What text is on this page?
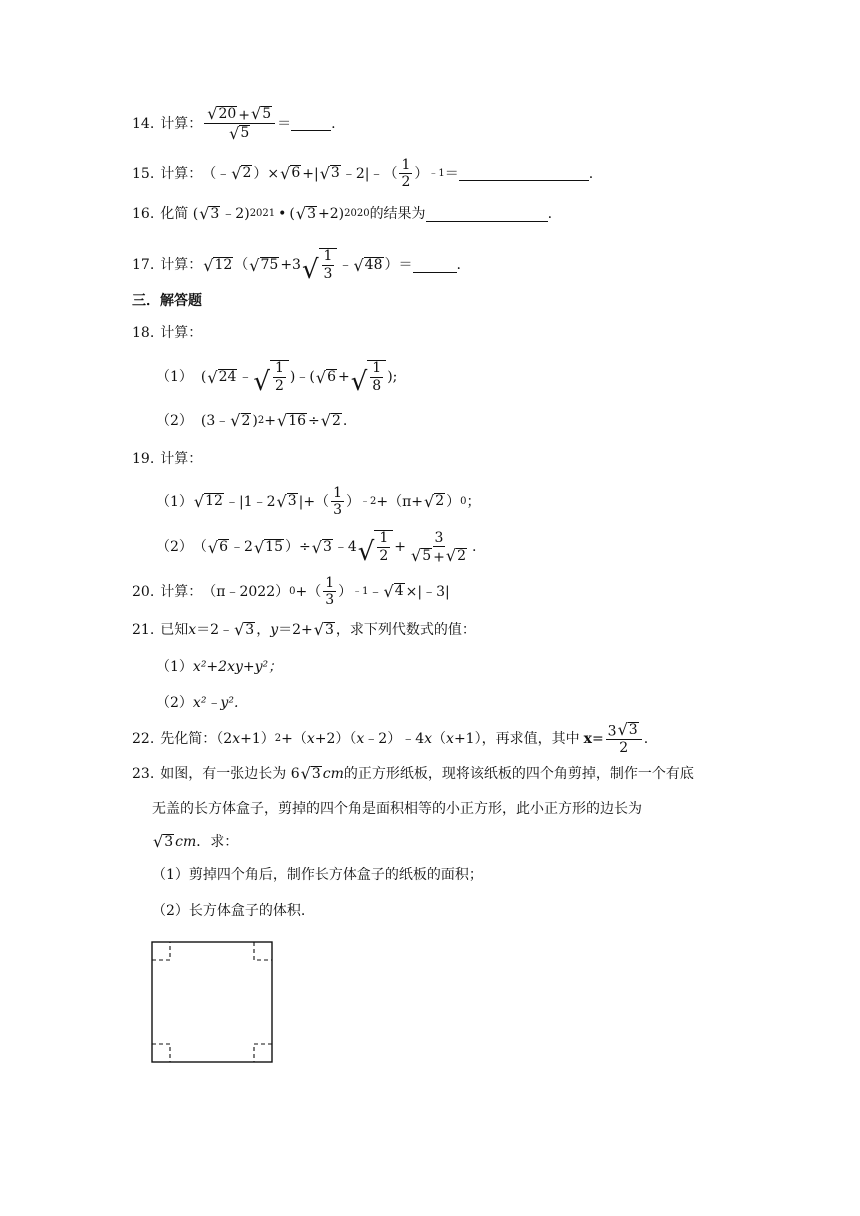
14. 计算： $\frac{√ 20 + √ 5}{√ 5}$ ＝	.
15. 计算： （﹣ √ 2 ）× √ 6 +| √ 3 ﹣2|﹣（ $\frac{1}{2}$ ） ﹣1 ＝	.
16. 化简
( √ 3 ﹣2) 2021 • ( √ 3 +2) 2020 的结果为	.
17. 计算： √ 12 （ √ 75 +3 √ $\frac{1}{3}$ ﹣ √ 48 ）＝	.
三．解答题
18. 计算：
（1） ( √ 24 ﹣ √ $\frac{1}{2}$ )﹣( √ 6 + √ $\frac{1}{8}$ );
（2） (3﹣ √ 2 ) 2 + √ 16 ÷ √ 2 .
19. 计算：
（1） √ 12 ﹣|1﹣2 √ 3 |+（ $\frac{1}{3}$ ） ﹣2 +（π+ √ 2 ） 0 ；
（2） （ √ 6 ﹣2 √ 15 ）÷ √ 3 ﹣4 √ $\frac{1}{2} + \frac{3}{√ 5 + √ 2}$ .
20. 计算： （π﹣2022） 0 +（ $\frac{1}{3}$ ） ﹣1 ﹣ √ 4 ×|﹣3|
21. 已知 x ＝2﹣ √ 3 ， y ＝2+ √ 3 ，求下列代数式的值：
（1） x²+2xy+y²；
（2） x²﹣y².
22. 先化简：（2 x +1） 2 +（ x +2）（ x ﹣2）﹣4 x （ x +1），再求值，其中 $x = \frac{3 √ 3}{2}$ .
23. 如图，有一张边长为 6 √ 3 cm 的正方形纸板，现将该纸板的四个角剪掉，制作一个有底
无盖的长方体盒子，剪掉的四个角是面积相等的小正方形，此小正方形的边长为
√ 3 cm ．求：
（1） 剪掉四个角后，制作长方体盒子的纸板的面积；
（2） 长方体盒子的体积.
